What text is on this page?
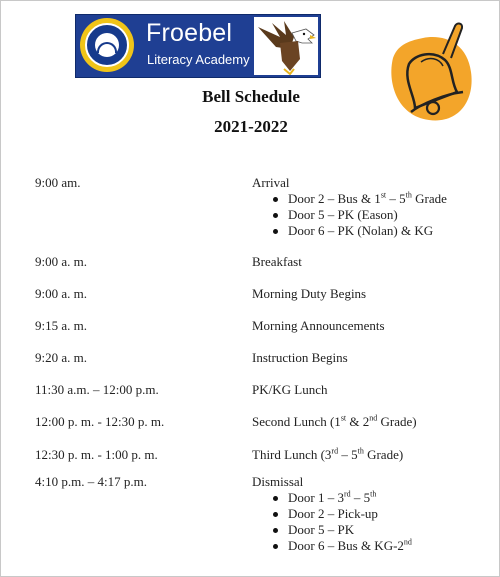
Froebel
Literacy Academy
Bell Schedule
2021-2022
9:00 am.	Arrival
Door 2 – Bus & 1st – 5th Grade
Door 5 – PK (Eason)
Door 6 – PK (Nolan) & KG
9:00 a. m.	Breakfast
9:00 a. m.	Morning Duty Begins
9:15 a. m.	Morning Announcements
9:20 a. m.	Instruction Begins
11:30 a.m. – 12:00 p.m.	PK/KG Lunch
12:00 p. m. - 12:30 p. m.	Second Lunch (1st & 2nd Grade)
12:30 p. m. - 1:00 p. m.	Third Lunch (3rd – 5th Grade)
4:10 p.m. – 4:17 p.m.	Dismissal
Door 1 – 3rd – 5th
Door 2 – Pick-up
Door 5 – PK
Door 6 – Bus & KG-2nd
